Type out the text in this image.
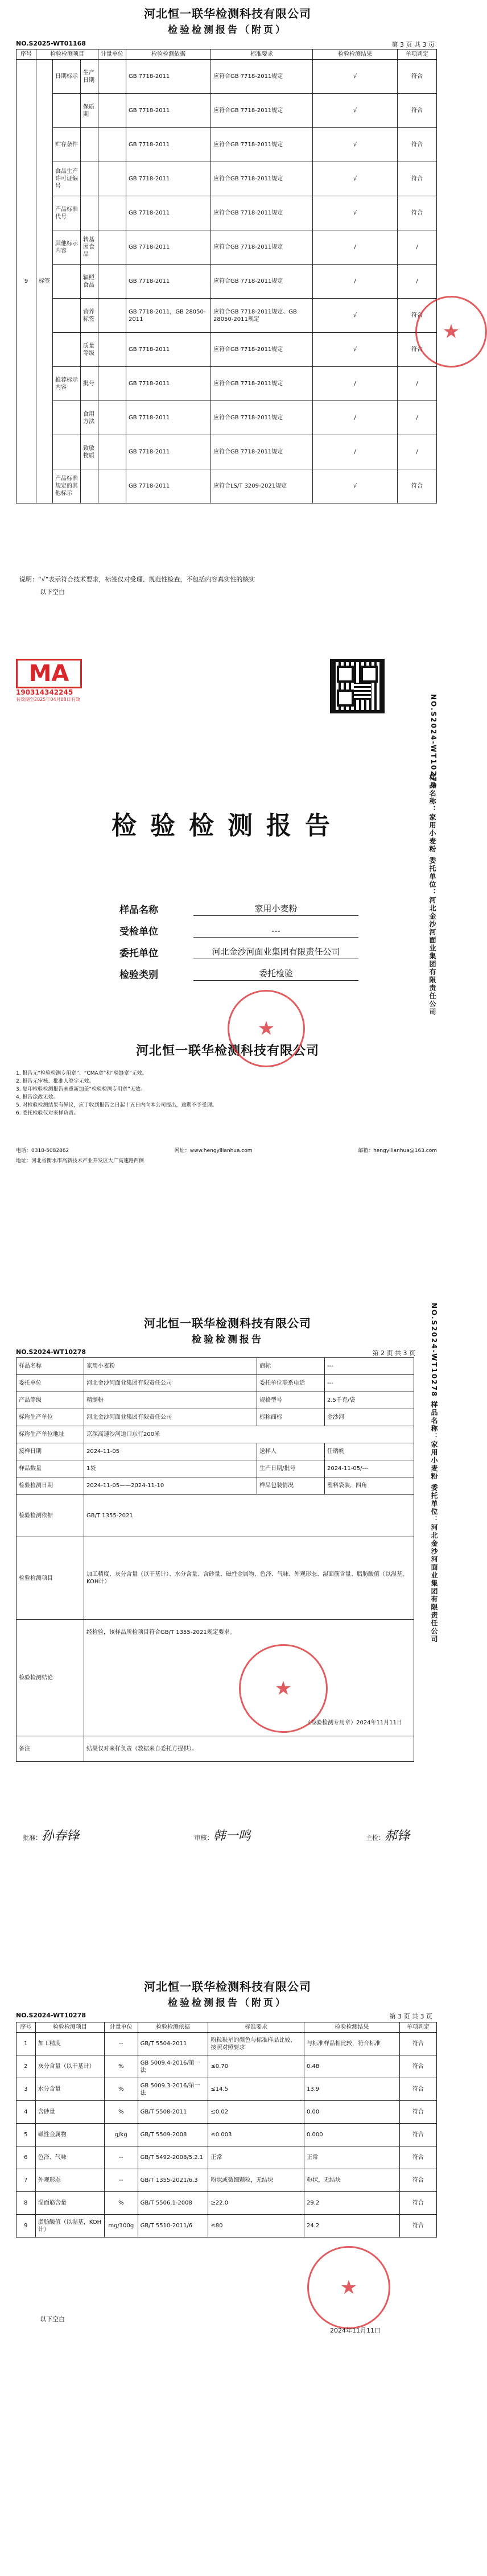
河北恒一联华检测科技有限公司
检验检测报告（附页）
NO.S2025-WT01168	第 3 页 共 3 页
序号	检验检测项目			计量单位	检验检测依据	标准要求	检验检测结果	单项判定
9	标签	日期标示	生产日期		GB 7718-2011	应符合GB 7718-2011规定	√	符合
			保质期		GB 7718-2011	应符合GB 7718-2011规定	√	符合
		贮存条件			GB 7718-2011	应符合GB 7718-2011规定	√	符合
		食品生产许可证编号			GB 7718-2011	应符合GB 7718-2011规定	√	符合
		产品标准代号			GB 7718-2011	应符合GB 7718-2011规定	√	符合
		其他标示内容	转基因食品		GB 7718-2011	应符合GB 7718-2011规定	/	/
			辐照食品		GB 7718-2011	应符合GB 7718-2011规定	/	/
			营养标签		GB 7718-2011，GB 28050-2011	应符合GB 7718-2011规定、GB 28050-2011规定	√	符合
			质量等级		GB 7718-2011	应符合GB 7718-2011规定	√	符合
		推荐标示内容	批号		GB 7718-2011	应符合GB 7718-2011规定	/	/
			食用方法		GB 7718-2011	应符合GB 7718-2011规定	/	/
			致敏物质		GB 7718-2011	应符合GB 7718-2011规定	/	/
		产品标准规定的其他标示			GB 7718-2011	应符合LS/T 3209-2021规定	√	符合
说明：“√”表示符合技术要求，标签仅对受理、规范性检查，不包括内容真实性的核实
以下空白
★
MA
190314342245
有效期至2025年04月08日有效	NO.S2024-WT10278
样品名称：家用小麦粉 委托单位：河北金沙河面业集团有限责任公司
检验检测报告
样品名称	家用小麦粉
受检单位	---
委托单位	河北金沙河面业集团有限责任公司
检验类别	委托检验
河北恒一联华检测科技有限公司
★
1. 报告无“检验检测专用章”、“CMA章”和“骑缝章”无效。
2. 报告无审核、批准人签字无效。
3. 复印检验检测报告未重新加盖“检验检测专用章”无效。
4. 报告涂改无效。
5. 对检验检测结果有异议，应于收到报告之日起十五日内向本公司提出，逾期不予受理。
6. 委托检验仅对来样负责。
电话：0318-5082862	网址：www.hengyilianhua.com	邮箱：hengyilianhua@163.com
地址：河北省衡水市高新技术产业开发区大广高速路西侧
河北恒一联华检测科技有限公司
检验检测报告
NO.S2024-WT10278	第 2 页 共 3 页 NO.S2024-WT10278 样品名称：家用小麦粉 委托单位：河北金沙河面业集团有限责任公司
样品名称	家用小麦粉	商标	---
委托单位	河北金沙河面业集团有限责任公司	委托单位联系电话	---
产品等级	精制粉	规格型号	2.5千克/袋
标称生产单位	河北金沙河面业集团有限责任公司	标称商标	金沙河
标称生产单位地址	京深高速沙河道口东行200米		
接样日期	2024-11-05	送样人	任瑞帆
样品数量	1袋	生产日期/批号	2024-11-05/---
检验检测日期	2024-11-05——2024-11-10	样品包装情况	塑料袋装，四角
检验检测依据	GB/T 1355-2021		
检验检测项目	加工精度、灰分含量（以干基计）、水分含量、含砂量、磁性金属物、色泽、气味、外观形态、湿面筋含量、脂肪酸值（以湿基，KOH计）		
检验检测结论	经检验，该样品所检项目符合GB/T 1355-2021规定要求。
（检验检测专用章）2024年11月11日		

备注	结果仅对来样负责（数据来自委托方提供）。		
★
批准：孙春锋	审核：韩一鸣	主检：郝锋
河北恒一联华检测科技有限公司
检验检测报告（附页）
NO.S2024-WT10278	第 3 页 共 3 页
序号	检验检测项目	计量单位	检验检测依据	标准要求	检验检测结果	单项判定
1	加工精度	--	GB/T 5504-2011	粉粒麸星的颜色与标准样品比较，按照对照要求	与标准样品相比较，符合标准	符合
2	灰分含量（以干基计）	%	GB 5009.4-2016/第一法	≤0.70	0.48	符合
3	水分含量	%	GB 5009.3-2016/第一法	≤14.5	13.9	符合
4	含砂量	%	GB/T 5508-2011	≤0.02	0.00	符合
5	磁性金属物	g/kg	GB/T 5509-2008	≤0.003	0.000	符合
6	色泽、气味	--	GB/T 5492-2008/5.2.1	正常	正常	符合
7	外观形态	--	GB/T 1355-2021/6.3	粉状或微细颗粒，无结块	粉状，无结块	符合
8	湿面筋含量	%	GB/T 5506.1-2008	≥22.0	29.2	符合
9	脂肪酸值（以湿基，KOH计）	mg/100g	GB/T 5510-2011/6	≤80	24.2	符合
以下空白
★
2024年11月11日
